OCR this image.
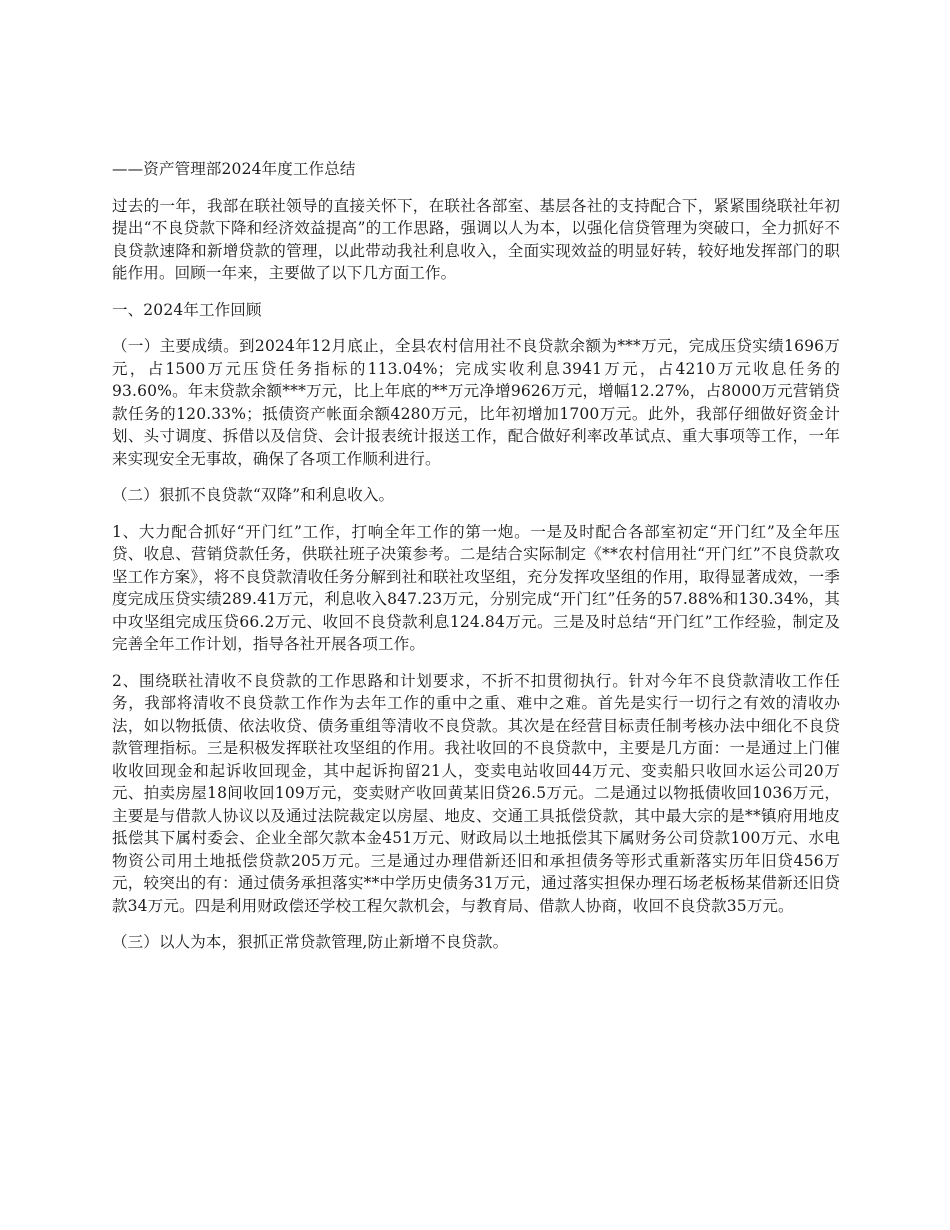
——资产管理部2024年度工作总结

过去的一年，我部在联社领导的直接关怀下，在联社各部室、基层各社的支持配合下，紧紧围绕联社年初提出“不良贷款下降和经济效益提高”的工作思路，强调以人为本，以强化信贷管理为突破口，全力抓好不良贷款速降和新增贷款的管理，以此带动我社利息收入，全面实现效益的明显好转，较好地发挥部门的职能作用。回顾一年来，主要做了以下几方面工作。

一、2024年工作回顾

（一）主要成绩。到2024年12月底止，全县农村信用社不良贷款余额为***万元，完成压贷实绩1696万元，占1500万元压贷任务指标的113.04%；完成实收利息3941万元，占4210万元收息任务的93.60%。年末贷款余额***万元，比上年底的**万元净增9626万元，增幅12.27%，占8000万元营销贷款任务的120.33%；抵债资产帐面余额4280万元，比年初增加1700万元。此外，我部仔细做好资金计划、头寸调度、拆借以及信贷、会计报表统计报送工作，配合做好利率改革试点、重大事项等工作，一年来实现安全无事故，确保了各项工作顺利进行。

（二）狠抓不良贷款“双降”和利息收入。

1、大力配合抓好“开门红”工作，打响全年工作的第一炮。一是及时配合各部室初定“开门红”及全年压贷、收息、营销贷款任务，供联社班子决策参考。二是结合实际制定《**农村信用社“开门红”不良贷款攻坚工作方案》，将不良贷款清收任务分解到社和联社攻坚组，充分发挥攻坚组的作用，取得显著成效，一季度完成压贷实绩289.41万元，利息收入847.23万元，分别完成“开门红”任务的57.88%和130.34%，其中攻坚组完成压贷66.2万元、收回不良贷款利息124.84万元。三是及时总结“开门红”工作经验，制定及完善全年工作计划，指导各社开展各项工作。

2、围绕联社清收不良贷款的工作思路和计划要求，不折不扣贯彻执行。针对今年不良贷款清收工作任务，我部将清收不良贷款工作作为去年工作的重中之重、难中之难。首先是实行一切行之有效的清收办法，如以物抵债、依法收贷、债务重组等清收不良贷款。其次是在经营目标责任制考核办法中细化不良贷款管理指标。三是积极发挥联社攻坚组的作用。我社收回的不良贷款中，主要是几方面：一是通过上门催收收回现金和起诉收回现金，其中起诉拘留21人，变卖电站收回44万元、变卖船只收回水运公司20万元、拍卖房屋18间收回109万元，变卖财产收回黄某旧贷26.5万元。二是通过以物抵债收回1036万元，主要是与借款人协议以及通过法院裁定以房屋、地皮、交通工具抵偿贷款，其中最大宗的是**镇府用地皮抵偿其下属村委会、企业全部欠款本金451万元、财政局以土地抵偿其下属财务公司贷款100万元、水电物资公司用土地抵偿贷款205万元。三是通过办理借新还旧和承担债务等形式重新落实历年旧贷456万元，较突出的有：通过债务承担落实**中学历史债务31万元，通过落实担保办理石场老板杨某借新还旧贷款34万元。四是利用财政偿还学校工程欠款机会，与教育局、借款人协商，收回不良贷款35万元。

（三）以人为本，狠抓正常贷款管理,防止新增不良贷款。
